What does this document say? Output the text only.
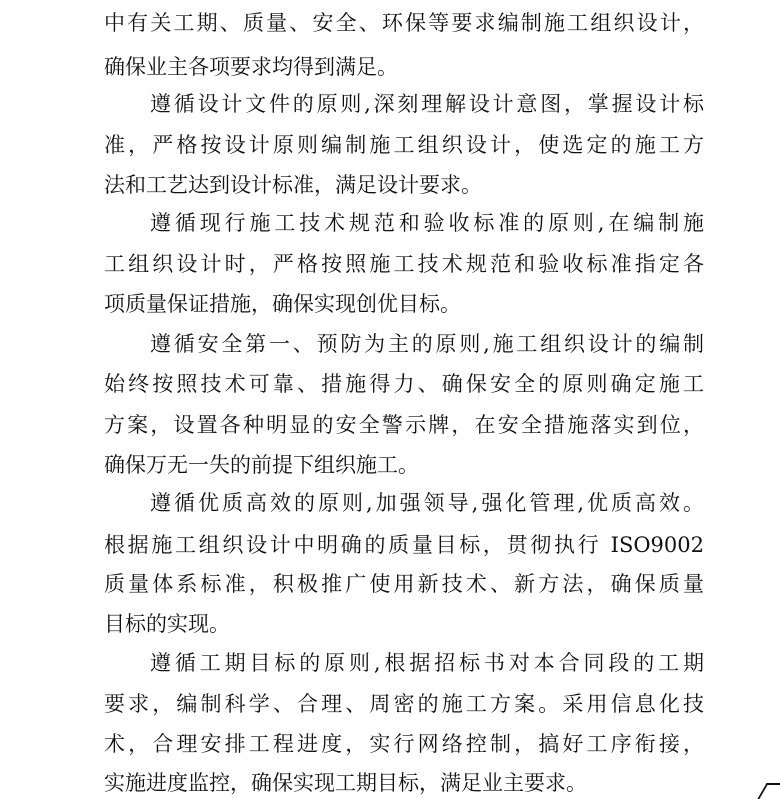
中有关工期、质量、安全、环保等要求编制施工组织设计，
确保业主各项要求均得到满足。
遵循设计文件的原则,深刻理解设计意图，掌握设计标
准，严格按设计原则编制施工组织设计，使选定的施工方
法和工艺达到设计标准，满足设计要求。
遵循现行施工技术规范和验收标准的原则,在编制施
工组织设计时，严格按照施工技术规范和验收标准指定各
项质量保证措施，确保实现创优目标。
遵循安全第一、预防为主的原则,施工组织设计的编制
始终按照技术可靠、措施得力、确保安全的原则确定施工
方案，设置各种明显的安全警示牌，在安全措施落实到位，
确保万无一失的前提下组织施工。
遵循优质高效的原则,加强领导,强化管理,优质高效。
根据施工组织设计中明确的质量目标，贯彻执行 ISO9002
质量体系标准，积极推广使用新技术、新方法，确保质量
目标的实现。
遵循工期目标的原则,根据招标书对本合同段的工期
要求，编制科学、合理、周密的施工方案。采用信息化技
术，合理安排工程进度，实行网络控制，搞好工序衔接，
实施进度监控，确保实现工期目标，满足业主要求。
